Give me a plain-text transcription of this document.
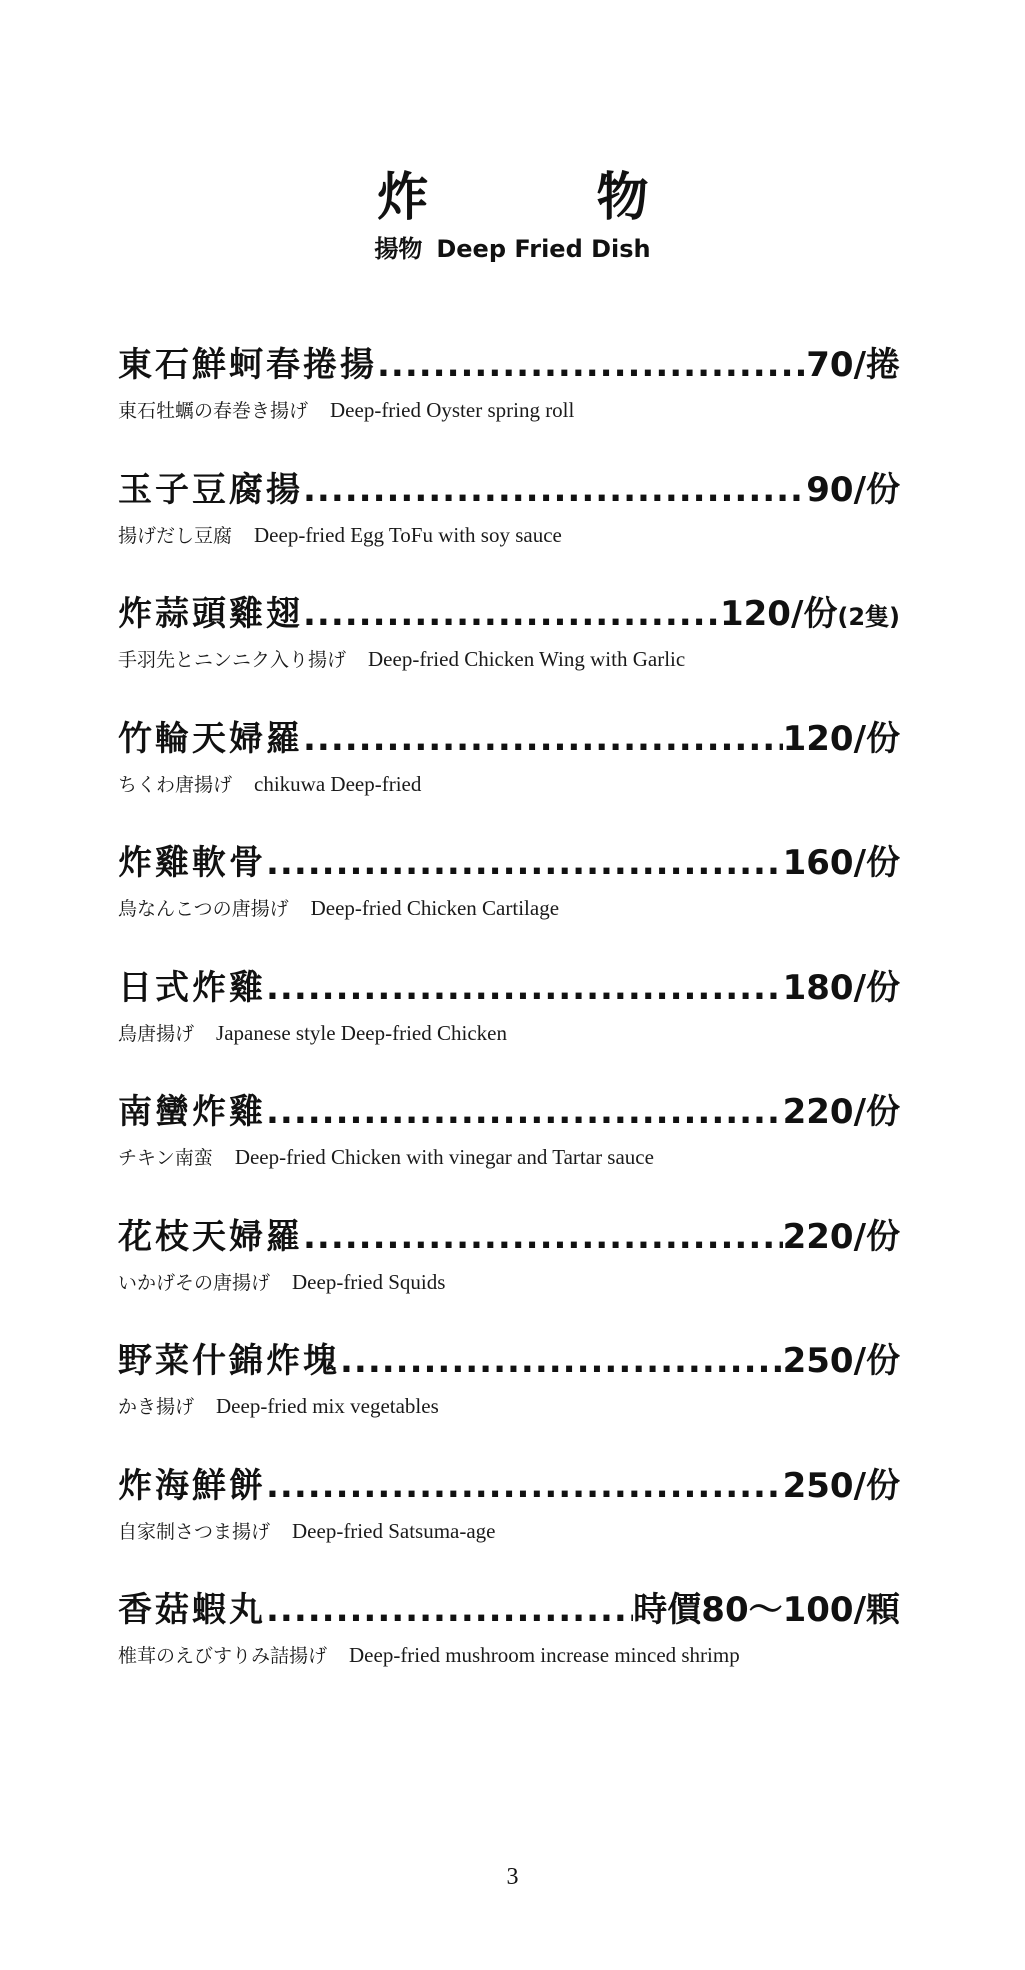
炸　物
揚物 Deep Fried Dish
東石鮮蚵春捲揚 .....	70/捲
東石牡蠣の春巻き揚げ Deep-fried Oyster spring roll
玉子豆腐揚 .....	90/份
揚げだし豆腐 Deep-fried Egg ToFu with soy sauce
炸蒜頭雞翅 .....	120/份(2隻)
手羽先とニンニク入り揚げ Deep-fried Chicken Wing with Garlic
竹輪天婦羅 .....	120/份
ちくわ唐揚げ chikuwa Deep-fried
炸雞軟骨 .....	160/份
鳥なんこつの唐揚げ Deep-fried Chicken Cartilage
日式炸雞 .....	180/份
鳥唐揚げ Japanese style Deep-fried Chicken
南蠻炸雞 .....	220/份
チキン南蛮 Deep-fried Chicken with vinegar and Tartar sauce
花枝天婦羅 .....	220/份
いかげその唐揚げ Deep-fried Squids
野菜什錦炸塊 .....	250/份
かき揚げ Deep-fried mix vegetables
炸海鮮餅 .....	250/份
自家制さつま揚げ Deep-fried Satsuma-age
香菇蝦丸 .....	時價80～100/顆
椎茸のえびすりみ詰揚げ Deep-fried mushroom increase minced shrimp
3
